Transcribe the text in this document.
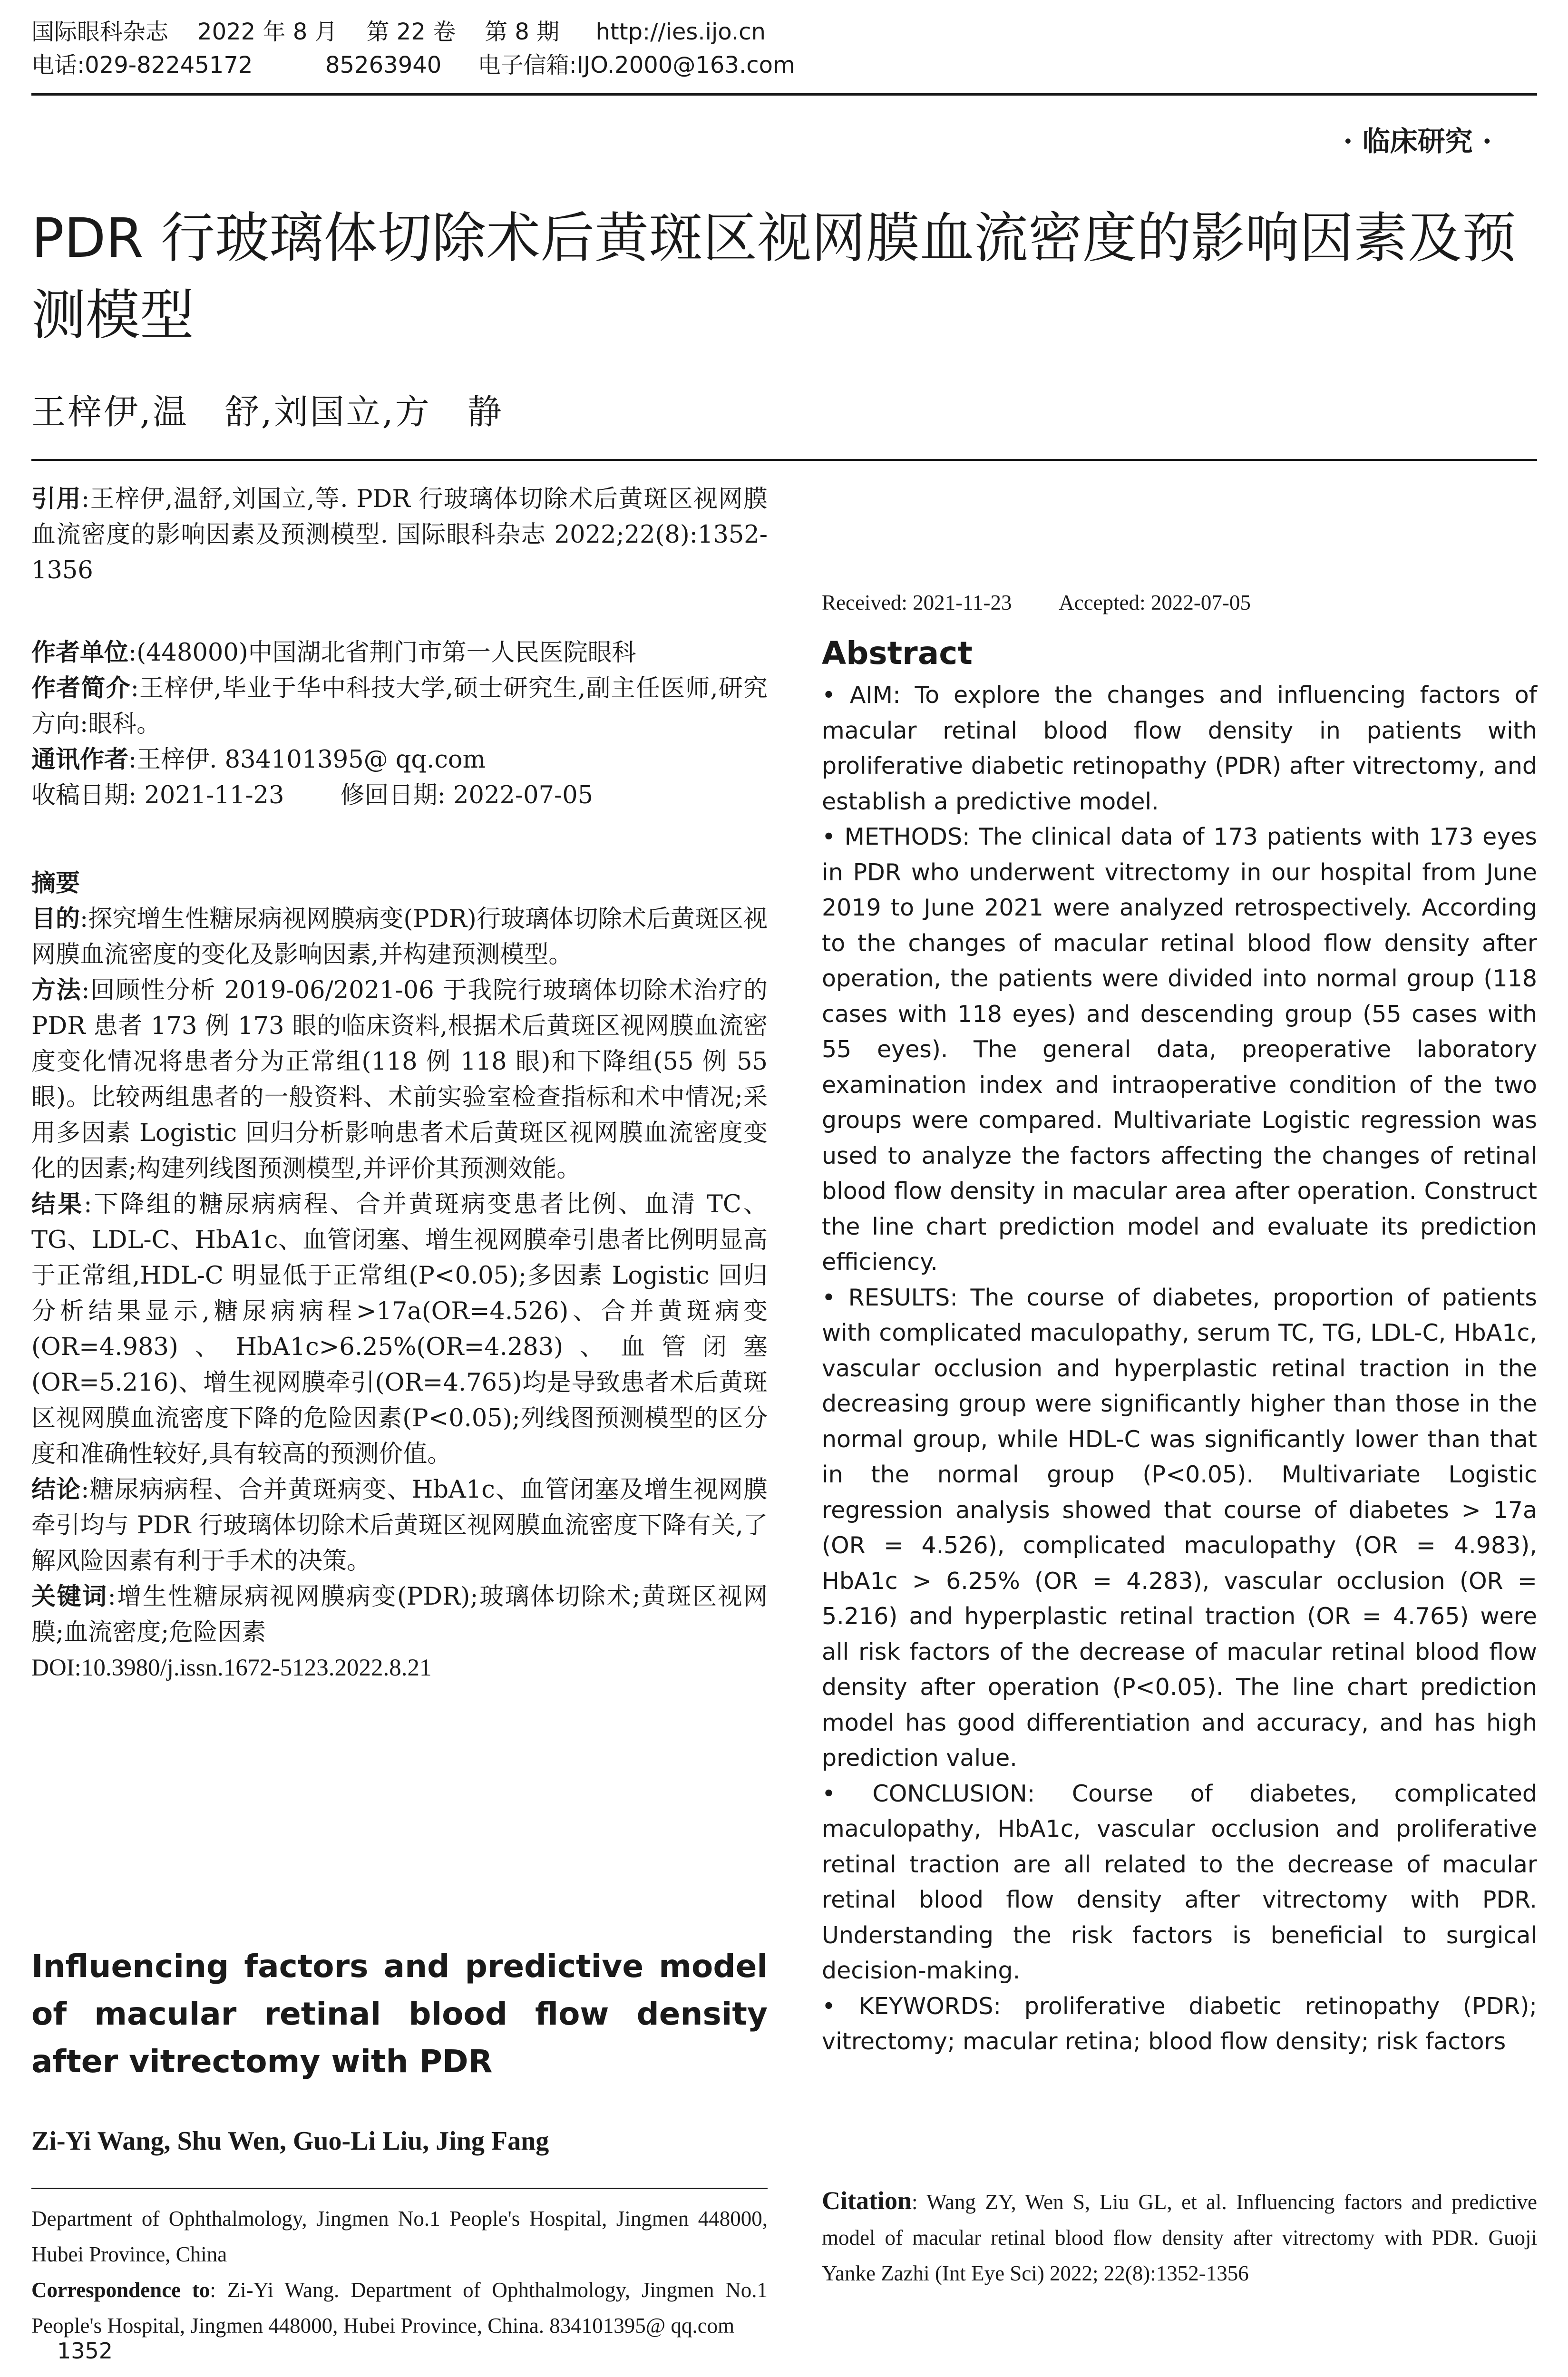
国际眼科杂志    2022 年 8 月    第 22 卷    第 8 期     http://ies.ijo.cn
电话:029-82245172          85263940     电子信箱:IJO.2000@163.com
· 临床研究 ·
PDR 行玻璃体切除术后黄斑区视网膜血流密度的影响因素及预测模型
王梓伊,温　舒,刘国立,方　静
引用:王梓伊,温舒,刘国立,等. PDR 行玻璃体切除术后黄斑区视网膜血流密度的影响因素及预测模型. 国际眼科杂志 2022;22(8):1352-1356

作者单位:(448000)中国湖北省荆门市第一人民医院眼科

作者简介:王梓伊,毕业于华中科技大学,硕士研究生,副主任医师,研究方向:眼科。

通讯作者:王梓伊. 834101395@ qq.com

收稿日期: 2021-11-23　　 修回日期: 2022-07-05

摘要

目的:探究增生性糖尿病视网膜病变(PDR)行玻璃体切除术后黄斑区视网膜血流密度的变化及影响因素,并构建预测模型。

方法:回顾性分析 2019-06/2021-06 于我院行玻璃体切除术治疗的 PDR 患者 173 例 173 眼的临床资料,根据术后黄斑区视网膜血流密度变化情况将患者分为正常组(118 例 118 眼)和下降组(55 例 55 眼)。比较两组患者的一般资料、术前实验室检查指标和术中情况;采用多因素 Logistic 回归分析影响患者术后黄斑区视网膜血流密度变化的因素;构建列线图预测模型,并评价其预测效能。

结果:下降组的糖尿病病程、合并黄斑病变患者比例、血清 TC、TG、LDL-C、HbA1c、血管闭塞、增生视网膜牵引患者比例明显高于正常组,HDL-C 明显低于正常组(P<0.05);多因素 Logistic 回归分析结果显示,糖尿病病程>17a(OR=4.526)、合并黄斑病变(OR=4.983)、HbA1c>6.25%(OR=4.283)、血管闭塞(OR=5.216)、增生视网膜牵引(OR=4.765)均是导致患者术后黄斑区视网膜血流密度下降的危险因素(P<0.05);列线图预测模型的区分度和准确性较好,具有较高的预测价值。

结论:糖尿病病程、合并黄斑病变、HbA1c、血管闭塞及增生视网膜牵引均与 PDR 行玻璃体切除术后黄斑区视网膜血流密度下降有关,了解风险因素有利于手术的决策。

关键词:增生性糖尿病视网膜病变(PDR);玻璃体切除术;黄斑区视网膜;血流密度;危险因素

DOI:10.3980/j.issn.1672-5123.2022.8.21

Influencing factors and predictive model of macular retinal blood flow density after vitrectomy with PDR
Zi-Yi Wang, Shu Wen, Guo-Li Liu, Jing Fang

Department of Ophthalmology, Jingmen No.1 People's Hospital, Jingmen 448000, Hubei Province, China

Correspondence to: Zi-Yi Wang. Department of Ophthalmology, Jingmen No.1 People's Hospital, Jingmen 448000, Hubei Province, China. 834101395@ qq.com

Received: 2021-11-23　　 Accepted: 2022-07-05
Abstract

• AIM: To explore the changes and influencing factors of macular retinal blood flow density in patients with proliferative diabetic retinopathy (PDR) after vitrectomy, and establish a predictive model.

• METHODS: The clinical data of 173 patients with 173 eyes in PDR who underwent vitrectomy in our hospital from June 2019 to June 2021 were analyzed retrospectively. According to the changes of macular retinal blood flow density after operation, the patients were divided into normal group (118 cases with 118 eyes) and descending group (55 cases with 55 eyes). The general data, preoperative laboratory examination index and intraoperative condition of the two groups were compared. Multivariate Logistic regression was used to analyze the factors affecting the changes of retinal blood flow density in macular area after operation. Construct the line chart prediction model and evaluate its prediction efficiency.

• RESULTS: The course of diabetes, proportion of patients with complicated maculopathy, serum TC, TG, LDL-C, HbA1c, vascular occlusion and hyperplastic retinal traction in the decreasing group were significantly higher than those in the normal group, while HDL-C was significantly lower than that in the normal group (P<0.05). Multivariate Logistic regression analysis showed that course of diabetes > 17a (OR = 4.526), complicated maculopathy (OR = 4.983), HbA1c > 6.25% (OR = 4.283), vascular occlusion (OR = 5.216) and hyperplastic retinal traction (OR = 4.765) were all risk factors of the decrease of macular retinal blood flow density after operation (P<0.05). The line chart prediction model has good differentiation and accuracy, and has high prediction value.

• CONCLUSION: Course of diabetes, complicated maculopathy, HbA1c, vascular occlusion and proliferative retinal traction are all related to the decrease of macular retinal blood flow density after vitrectomy with PDR. Understanding the risk factors is beneficial to surgical decision-making.

• KEYWORDS: proliferative diabetic retinopathy (PDR); vitrectomy; macular retina; blood flow density; risk factors

Citation: Wang ZY, Wen S, Liu GL, et al. Influencing factors and predictive model of macular retinal blood flow density after vitrectomy with PDR. Guoji Yanke Zazhi (Int Eye Sci) 2022; 22(8):1352-1356
1352
